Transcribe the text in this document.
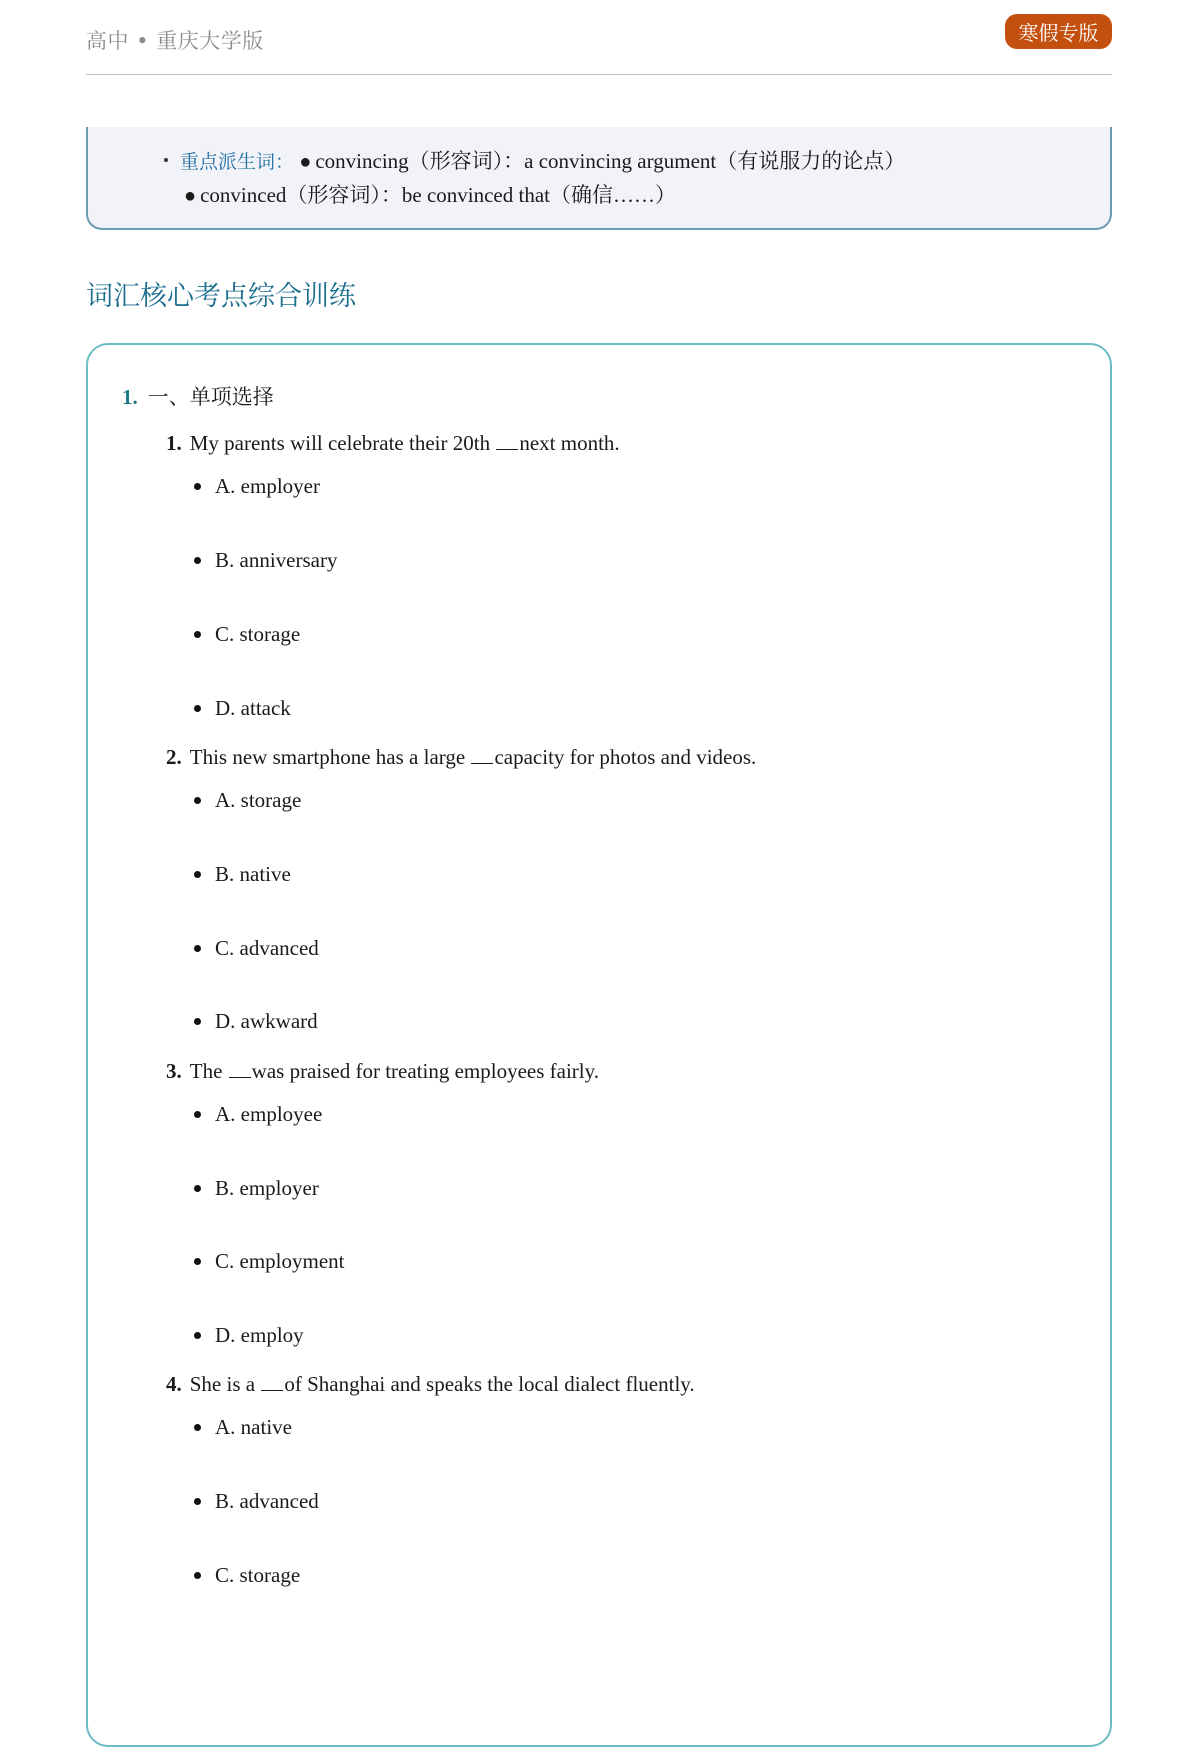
高中 • 重庆大学版	寒假专版
重点派生词： ● convincing（形容词）：a convincing argument（有说服力的论点）
● convinced（形容词）：be convinced that（确信……）
词汇核心考点综合训练
1. 一、单项选择
1. My parents will celebrate their 20th next month.
A. employer
B. anniversary
C. storage
D. attack
2. This new smartphone has a large capacity for photos and videos.
A. storage
B. native
C. advanced
D. awkward
3. The was praised for treating employees fairly.
A. employee
B. employer
C. employment
D. employ
4. She is a of Shanghai and speaks the local dialect fluently.
A. native
B. advanced
C. storage
